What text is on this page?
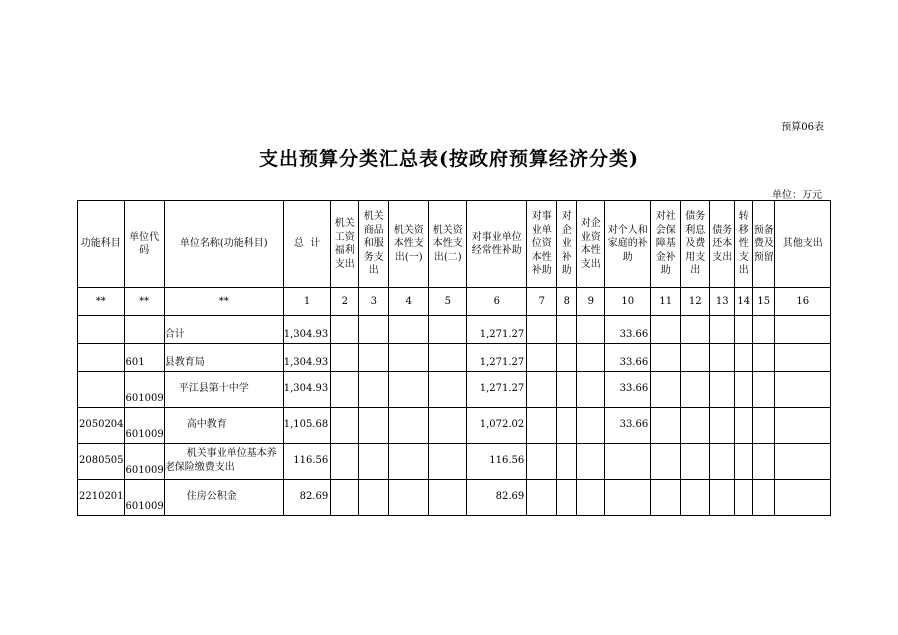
预算06表
支出预算分类汇总表(按政府预算经济分类)
单位：万元
功能科目	单位代码	单位名称(功能科目)	总  计	机关工资福利支出	机关商品和服务支出	机关资本性支出(一)	机关资本性支出(二)	对事业单位经常性补助	对事业单位资本性补助	对企业补助	对企业资本性支出	对个人和家庭的补助	对社会保障基金补助	债务利息及费用支出	债务还本支出	转移性支出	预备费及预留	其他支出
**	**	**	1	2	3	4	5	6	7	8	9	10	11	12	13	14	15	16
		合计	1,304.93					1,271.27				33.66						
	601	县教育局	1,304.93					1,271.27				33.66						
	601009	平江县第十中学	1,304.93					1,271.27				33.66						
2050204	601009	高中教育	1,105.68					1,072.02				33.66						
2080505	601009	机关事业单位基本养老保险缴费支出	116.56					116.56										
2210201	601009	住房公积金	82.69					82.69										
